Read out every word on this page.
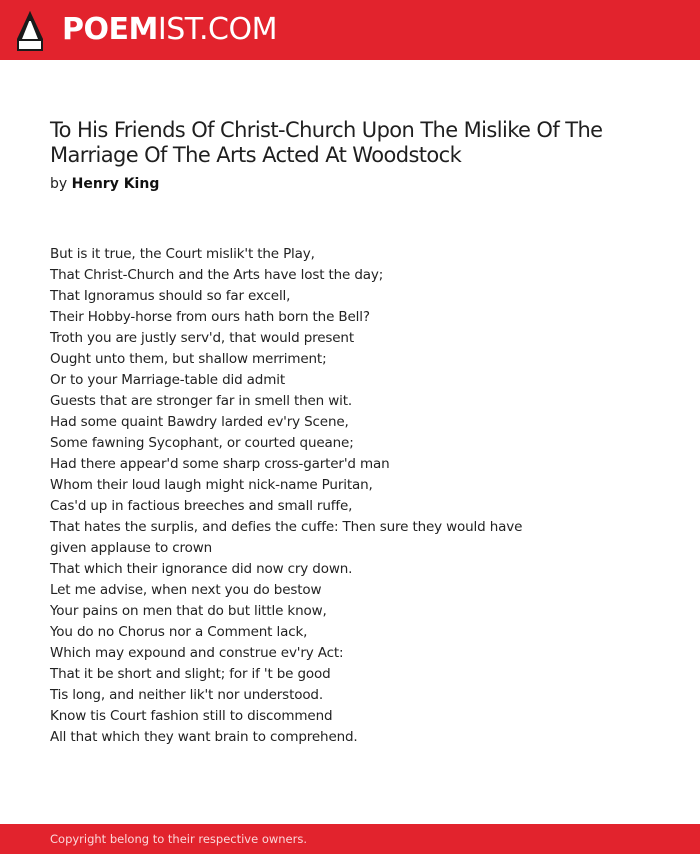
POEMIST.COM
To His Friends Of Christ-Church Upon The Mislike Of The Marriage Of The Arts Acted At Woodstock
by Henry King
But is it true, the Court mislik't the Play,
That Christ-Church and the Arts have lost the day;
That Ignoramus should so far excell,
Their Hobby-horse from ours hath born the Bell?
Troth you are justly serv'd, that would present
Ought unto them, but shallow merriment;
Or to your Marriage-table did admit
Guests that are stronger far in smell then wit.
Had some quaint Bawdry larded ev'ry Scene,
Some fawning Sycophant, or courted queane;
Had there appear'd some sharp cross-garter'd man
Whom their loud laugh might nick-name Puritan,
Cas'd up in factious breeches and small ruffe,
That hates the surplis, and defies the cuffe: Then sure they would have given applause to crown
That which their ignorance did now cry down.
Let me advise, when next you do bestow
Your pains on men that do but little know,
You do no Chorus nor a Comment lack,
Which may expound and construe ev'ry Act:
That it be short and slight; for if 't be good
Tis long, and neither lik't nor understood.
Know tis Court fashion still to discommend
All that which they want brain to comprehend.
Copyright belong to their respective owners.
